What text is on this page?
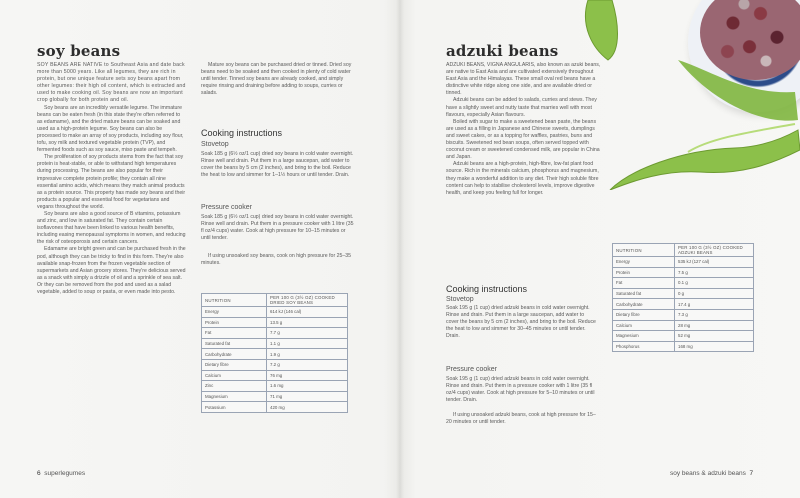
soy beans

SOY BEANS ARE NATIVE to Southeast Asia and date back more than 5000 years. Like all legumes, they are rich in protein, but one unique feature sets soy beans apart from other legumes: their high oil content, which is extracted and used to make cooking oil. Soy beans are now an important crop globally for both protein and oil.

Soy beans are an incredibly versatile legume. The immature beans can be eaten fresh (in this state they're often referred to as edamame), and the dried mature beans can be soaked and used as a high-protein legume. Soy beans can also be processed to make an array of soy products, including soy flour, tofu, soy milk and textured vegetable protein (TVP), and fermented foods such as soy sauce, miso paste and tempeh.

The proliferation of soy products stems from the fact that soy protein is heat-stable, or able to withstand high temperatures during processing. The beans are also popular for their impressive complete protein profile; they contain all nine essential amino acids, which means they match animal products as a protein source. This property has made soy beans and their products a popular and essential food for vegetarians and vegans throughout the world.

Soy beans are also a good source of B vitamins, potassium and zinc, and low in saturated fat. They contain certain isoflavones that have been linked to various health benefits, including easing menopausal symptoms in women, and reducing the risk of osteoporosis and certain cancers.

Edamame are bright green and can be purchased fresh in the pod, although they can be tricky to find in this form. They're also available snap-frozen from the frozen vegetable section of supermarkets and Asian grocery stores. They're delicious served as a snack with simply a drizzle of oil and a sprinkle of sea salt. Or they can be removed from the pod and used as a salad vegetable, added to soup or pasta, or even made into pesto.

Mature soy beans can be purchased dried or tinned. Dried soy beans need to be soaked and then cooked in plenty of cold water until tender. Tinned soy beans are already cooked, and simply require rinsing and draining before adding to soups, curries or salads.

Cooking instructions
Stovetop
Soak 185 g (6½ oz/1 cup) dried soy beans in cold water overnight. Rinse well and drain. Put them in a large saucepan, add water to cover the beans by 5 cm (2 inches), and bring to the boil. Reduce the heat to low and simmer for 1–1½ hours or until tender. Drain.
Pressure cooker
Soak 185 g (6½ oz/1 cup) dried soy beans in cold water overnight. Rinse well and drain. Put them in a pressure cooker with 1 litre (35 fl oz/4 cups) water. Cook at high pressure for 10–15 minutes or until tender.
If using unsoaked soy beans, cook on high pressure for 25–35 minutes.
NUTRITION	PER 100 G (3½ OZ) COOKED DRIED SOY BEANS
Energy	614 kJ (146 cal)
Protein	13.5 g
Fat	7.7 g
Saturated fat	1.1 g
Carbohydrate	1.9 g
Dietary fibre	7.2 g
Calcium	76 mg
Zinc	1.6 mg
Magnesium	71 mg
Potassium	420 mg
6 superlegumes
adzuki beans

ADZUKI BEANS, VIGNA ANGULARIS, also known as azuki beans, are native to East Asia and are cultivated extensively throughout East Asia and the Himalayas. These small oval red beans have a distinctive white ridge along one side, and are available dried or tinned.

Adzuki beans can be added to salads, curries and stews. They have a slightly sweet and nutty taste that marries well with most flavours, especially Asian flavours.

Boiled with sugar to make a sweetened bean paste, the beans are used as a filling in Japanese and Chinese sweets, dumplings and sweet cakes, or as a topping for waffles, pastries, buns and biscuits. Sweetened red bean soups, often served topped with coconut cream or sweetened condensed milk, are popular in China and Japan.

Adzuki beans are a high-protein, high-fibre, low-fat plant food source. Rich in the minerals calcium, phosphorus and magnesium, they make a wonderful addition to any diet. Their high soluble fibre content can help to stabilise cholesterol levels, improve digestive health, and keep you feeling full for longer.

Cooking instructions
Stovetop
Soak 195 g (1 cup) dried adzuki beans in cold water overnight. Rinse and drain. Put them in a large saucepan, add water to cover the beans by 5 cm (2 inches), and bring to the boil. Reduce the heat to low and simmer for 30–45 minutes or until tender. Drain.
Pressure cooker
Soak 195 g (1 cup) dried adzuki beans in cold water overnight. Rinse and drain. Put them in a pressure cooker with 1 litre (35 fl oz/4 cups) water. Cook at high pressure for 5–10 minutes or until tender. Drain.
If using unsoaked adzuki beans, cook at high pressure for 15–20 minutes or until tender.
NUTRITION	PER 100 G (3½ OZ) COOKED ADZUKI BEANS
Energy	535 kJ (127 cal)
Protein	7.5 g
Fat	0.1 g
Saturated fat	0 g
Carbohydrate	17.4 g
Dietary fibre	7.3 g
Calcium	28 mg
Magnesium	52 mg
Phosphorus	168 mg
soy beans & adzuki beans 7
